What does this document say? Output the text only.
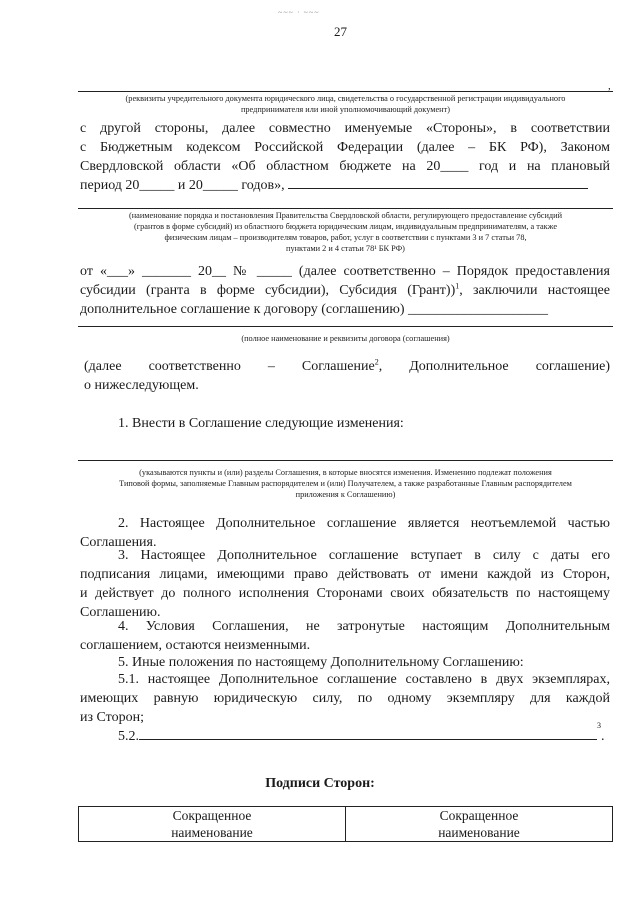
~~~ · ~~~
27
,
(реквизиты учредительного документа юридического лица, свидетельства о государственной регистрации индивидуального
предпринимателя или иной уполномочивающий документ)
с другой стороны, далее совместно именуемые «Стороны», в соответствии
с Бюджетным кодексом Российской Федерации (далее – БК РФ), Законом
Свердловской области «Об областном бюджете на 20____ год и на плановый
период 20_____ и 20_____ годов»,
(наименование порядка и постановления Правительства Свердловской области, регулирующего предоставление субсидий
(грантов в форме субсидий) из областного бюджета юридическим лицам, индивидуальным предпринимателям, а также
физическим лицам – производителям товаров, работ, услуг в соответствии с пунктами 3 и 7 статьи 78,
пунктами 2 и 4 статьи 78¹ БК РФ)
от «___» _______ 20__ № _____ (далее соответственно – Порядок предоставления
субсидии (гранта в форме субсидии), Субсидия (Грант))$^1$, заключили настоящее
дополнительное соглашение к договору (соглашению) ____________________
(полное наименование и реквизиты договора (соглашения)
(далее    соответственно    –    Соглашение$^2$,    Дополнительное    соглашение)
о нижеследующем.
1. Внести в Соглашение следующие изменения:
(указываются пункты и (или) разделы Соглашения, в которые вносятся изменения. Изменению подлежат положения
Типовой формы, заполняемые Главным распорядителем и (или) Получателем, а также разработанные Главным распорядителем
приложения к Соглашению)
2. Настоящее Дополнительное соглашение является неотъемлемой частью
Соглашения.
3. Настоящее Дополнительное соглашение вступает в силу с даты его
подписания лицами, имеющими право действовать от имени каждой из Сторон,
и действует до полного исполнения Сторонами своих обязательств по настоящему
Соглашению.
4. Условия Соглашения, не затронутые настоящим Дополнительным
соглашением, остаются неизменными.
5. Иные положения по настоящему Дополнительному Соглашению:
5.1. настоящее Дополнительное соглашение составлено в двух экземплярах,
имеющих равную юридическую силу, по одному экземпляру для каждой
из Сторон;
5.2.$^3$.
Подписи Сторон:
Сокращенное
наименование

Сокращенное
наименование
